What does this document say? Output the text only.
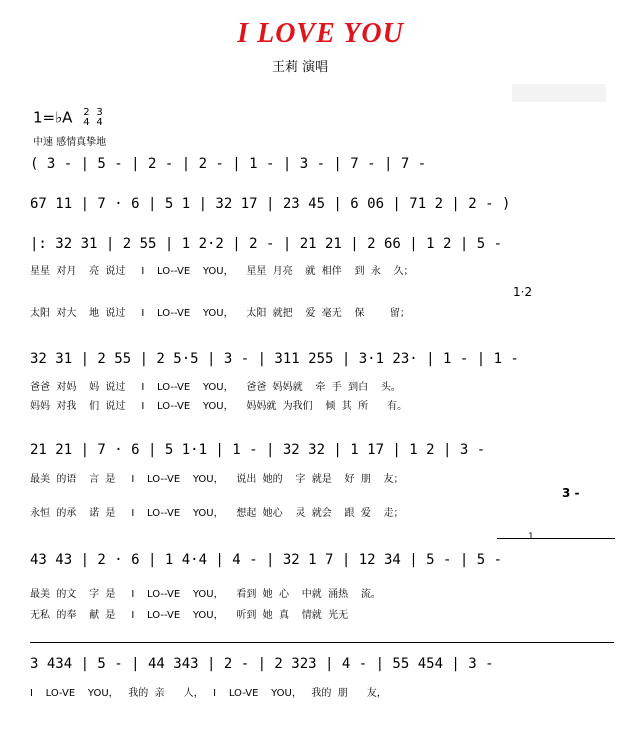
I LOVE YOU
王莉 演唱
1=♭A 2
4 3
4
中速 感情真挚地
( 3 - | 5 - | 2 - | 2 - | 1 - | 3 - | 7 - | 7 -
67 11 | 7 · 6 | 5 1 | 32 17 | 23 45 | 6 06 | 71 2 | 2 - )
|: 32 31 | 2 55 | 1 2·2 | 2 - | 21 21 | 2 66 | 1 2 | 5 -
星星  对月    亮  说过     I    LO--VE    YOU，    星星  月亮    就  相伴    到  永    久；
太阳  对大    地  说过     I    LO--VE    YOU，    太阳  就把    爱  毫无    保        留；
1·2
32 31 | 2 55 | 2 5·5 | 3 - | 311 255 | 3·1 23· | 1 - | 1 -
爸爸  对妈    妈  说过     I    LO--VE    YOU，    爸爸  妈妈就    牵  手  到白    头。
妈妈  对我    们  说过     I    LO--VE    YOU，    妈妈就  为我们    倾  其  所      有。
21 21 | 7 · 6 | 5 1·1 | 1 - | 32 32 | 1 17 | 1 2 | 3 -
最美  的语    言  是     I    LO--VE    YOU，    说出  她的    字  就是    好  朋    友；
3 -
永恒  的承    诺  是     I    LO--VE    YOU，    想起  她心    灵  就会    跟  爱    走；
43 43 | 2 · 6 | 1 4·4 | 4 - | 32 1 7 | 12 34 | 5 - | 5 -
1
最美  的文    字  是     I    LO--VE    YOU，    看到  她  心    中就  涌热    流。
无私  的奉    献  是     I    LO--VE    YOU，    听到  她  真    情就  光无
3 434 | 5 - | 44 343 | 2 - | 2 323 | 4 - | 55 454 | 3 -
I    LO-VE    YOU，   我的  亲      人，   I    LO-VE    YOU，   我的  朋      友，
